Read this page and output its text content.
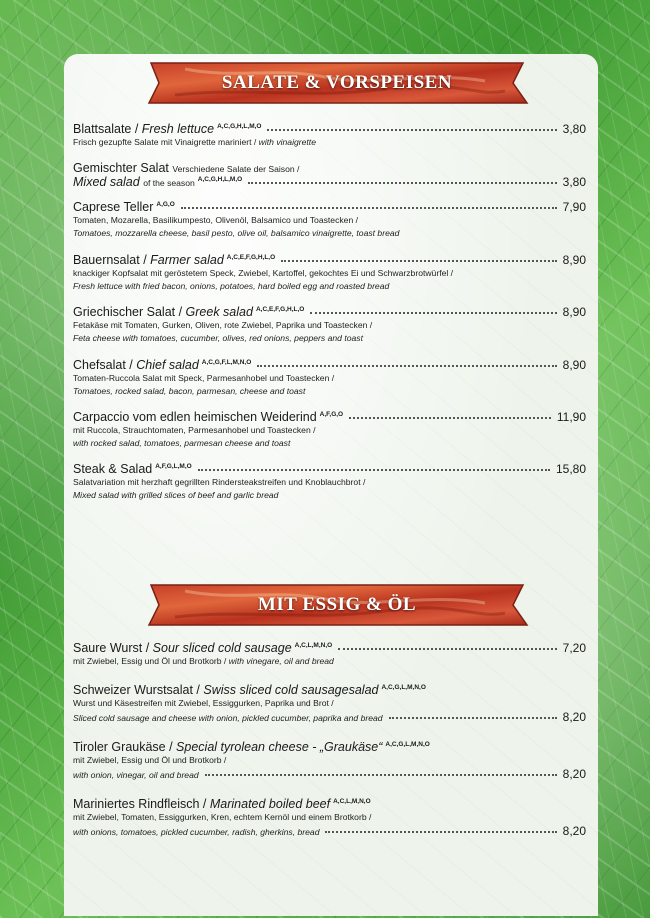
SALATE & VORSPEISEN
Blattsalate / Fresh lettuce $^{A,C,G,H,L,M,O}$	3,80
Frisch gezupfte Salate mit Vinaigrette mariniert / with vinaigrette
Gemischter Salat Verschiedene Salate der Saison /
Mixed salad of the season $^{A,C,G,H,L,M,O}$	3,80
Caprese Teller $^{A,G,O}$	7,90
Tomaten, Mozarella, Basilikumpesto, Olivenöl, Balsamico und Toastecken /
Tomatoes, mozzarella cheese, basil pesto, olive oil, balsamico vinaigrette, toast bread
Bauernsalat / Farmer salad $^{A,C,E,F,G,H,L,O}$	8,90
knackiger Kopfsalat mit geröstetem Speck, Zwiebel, Kartoffel, gekochtes Ei und Schwarzbrotwürfel /
Fresh lettuce with fried bacon, onions, potatoes, hard boiled egg and roasted bread
Griechischer Salat / Greek salad $^{A,C,E,F,G,H,L,O}$	8,90
Fetakäse mit Tomaten, Gurken, Oliven, rote Zwiebel, Paprika und Toastecken /
Feta cheese with tomatoes, cucumber, olives, red onions, peppers and toast
Chefsalat / Chief salad $^{A,C,G,F,L,M,N,O}$	8,90
Tomaten-Ruccola Salat mit Speck, Parmesanhobel und Toastecken /
Tomatoes, rocked salad, bacon, parmesan, cheese and toast
Carpaccio vom edlen heimischen Weiderind $^{A,F,G,O}$	11,90
mit Ruccola, Strauchtomaten, Parmesanhobel und Toastecken /
with rocked salad, tomatoes, parmesan cheese and toast
Steak & Salad $^{A,F,G,L,M,O}$	15,80
Salatvariation mit herzhaft gegrillten Rindersteakstreifen und Knoblauchbrot /
Mixed salad with grilled slices of beef and garlic bread
MIT ESSIG & ÖL
Saure Wurst / Sour sliced cold sausage $^{A,C,L,M,N,O}$	7,20
mit Zwiebel, Essig und Öl und Brotkorb / with vinegare, oil and bread
Schweizer Wurstsalat / Swiss sliced cold sausagesalad $^{A,C,G,L,M,N,O}$
Wurst und Käsestreifen mit Zwiebel, Essiggurken, Paprika und Brot /
Sliced cold sausage and cheese with onion, pickled cucumber, paprika and bread	8,20
Tiroler Graukäse / Special tyrolean cheese - „Graukäse“ $^{A,C,G,L,M,N,O}$
mit Zwiebel, Essig und Öl und Brotkorb /
with onion, vinegar, oil and bread	8,20
Mariniertes Rindfleisch / Marinated boiled beef $^{A,C,L,M,N,O}$
mit Zwiebel, Tomaten, Essiggurken, Kren, echtem Kernöl und einem Brotkorb /
with onions, tomatoes, pickled cucumber, radish, gherkins, bread	8,20
